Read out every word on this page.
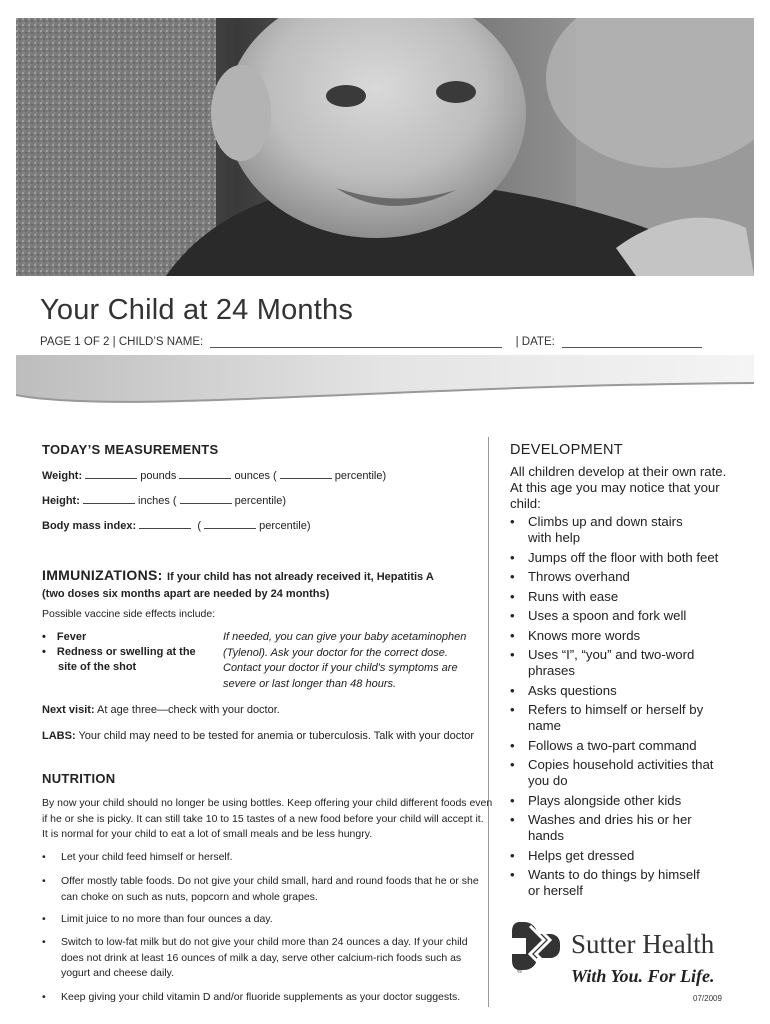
Your Child at 24 Months
PAGE 1 OF 2 | CHILD’S NAME:	| DATE:
TODAY’S MEASUREMENTS
Weight:	pounds	ounces (	percentile)
Height:	inches (	percentile)
Body mass index:	(	percentile)
IMMUNIZATIONS: If your child has not already received it, Hepatitis A
(two doses six months apart are needed by 24 months)
Possible vaccine side effects include:
• Fever
• Redness or swelling at the
site of the shot
If needed, you can give your baby acetaminophen
(Tylenol). Ask your doctor for the correct dose.
Contact your doctor if your child’s symptoms are
severe or last longer than 48 hours.
Next visit: At age three—check with your doctor.
LABS: Your child may need to be tested for anemia or tuberculosis. Talk with your doctor
NUTRITION
By now your child should no longer be using bottles. Keep offering your child different foods even
if he or she is picky. It can still take 10 to 15 tastes of a new food before your child will accept it.
It is normal for your child to eat a lot of small meals and be less hungry.
• Let your child feed himself or herself.
• Offer mostly table foods. Do not give your child small, hard and round foods that he or she
can choke on such as nuts, popcorn and whole grapes.
• Limit juice to no more than four ounces a day.
• Switch to low-fat milk but do not give your child more than 24 ounces a day. If your child
does not drink at least 16 ounces of milk a day, serve other calcium-rich foods such as
yogurt and cheese daily.
• Keep giving your child vitamin D and/or fluoride supplements as your doctor suggests.
DEVELOPMENT
All children develop at their own rate.
At this age you may notice that your
child:
• Climbs up and down stairs
with help
• Jumps off the floor with both feet
• Throws overhand
• Runs with ease
• Uses a spoon and fork well
• Knows more words
• Uses “I”, “you” and two-word
phrases
• Asks questions
• Refers to himself or herself by
name
• Follows a two-part command
• Copies household activities that
you do
• Plays alongside other kids
• Washes and dries his or her
hands
• Helps get dressed
• Wants to do things by himself
or herself
®
Sutter Health
With You. For Life.
07/2009
